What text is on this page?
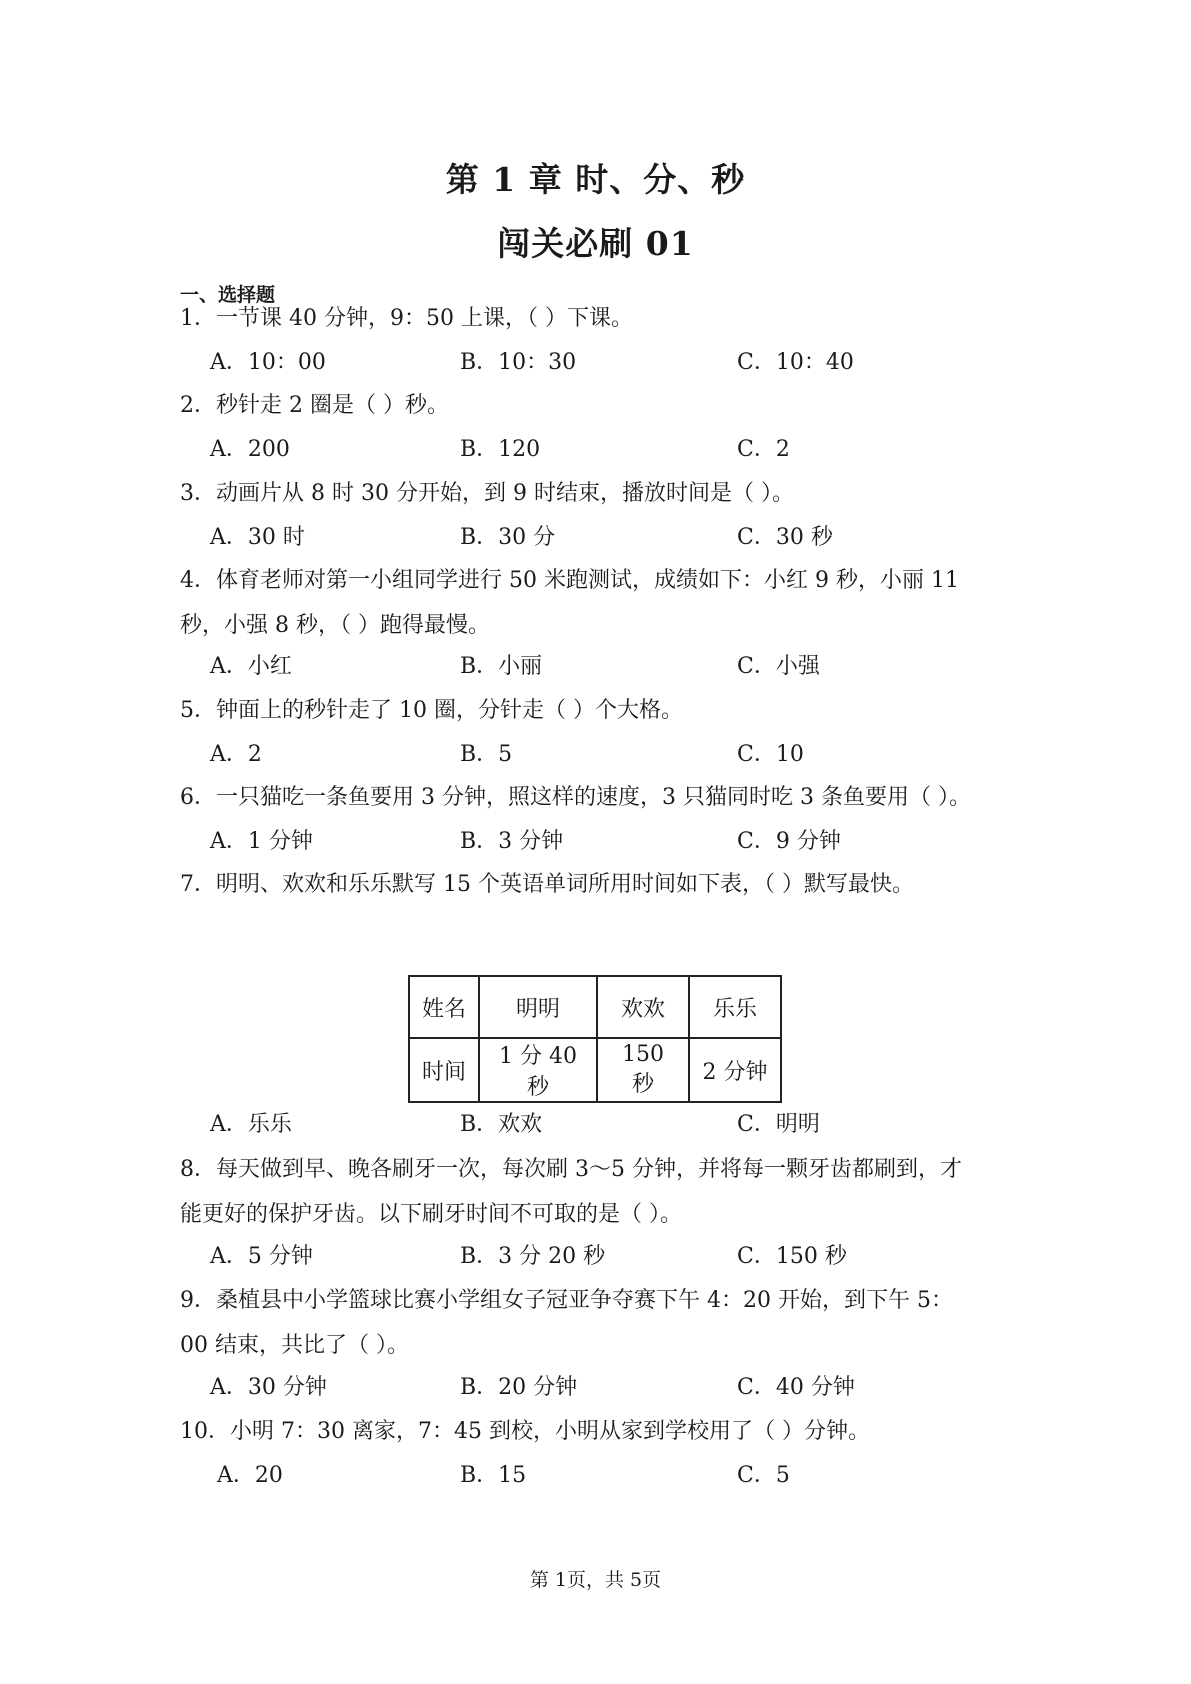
第 1 章 时、分、秒
闯关必刷 01
一、选择题
1．一节课 40 分钟，9：50 上课，（ ）下课。
A．10：00	B．10：30	C．10：40
2．秒针走 2 圈是（ ）秒。
A．200	B．120	C．2
3．动画片从 8 时 30 分开始，到 9 时结束，播放时间是（ ）。
A．30 时	B．30 分	C．30 秒
4．体育老师对第一小组同学进行 50 米跑测试，成绩如下：小红 9 秒，小丽 11
秒，小强 8 秒，（ ）跑得最慢。
A．小红	B．小丽	C．小强
5．钟面上的秒针走了 10 圈，分针走（ ）个大格。
A．2	B．5	C．10
6．一只猫吃一条鱼要用 3 分钟，照这样的速度，3 只猫同时吃 3 条鱼要用（ ）。
A．1 分钟	B．3 分钟	C．9 分钟
7．明明、欢欢和乐乐默写 15 个英语单词所用时间如下表，（ ）默写最快。
姓名	明明	欢欢	乐乐
时间	1 分 40 秒	150 秒	2 分钟
A．乐乐	B．欢欢	C．明明
8．每天做到早、晚各刷牙一次，每次刷 3～5 分钟，并将每一颗牙齿都刷到，才
能更好的保护牙齿。以下刷牙时间不可取的是（ ）。
A．5 分钟	B．3 分 20 秒	C．150 秒
9．桑植县中小学篮球比赛小学组女子冠亚争夺赛下午 4：20 开始，到下午 5：
00 结束，共比了（ ）。
A．30 分钟	B．20 分钟	C．40 分钟
10．小明 7：30 离家，7：45 到校，小明从家到学校用了（ ）分钟。
A．20	B．15	C．5
第 1页，共 5页
